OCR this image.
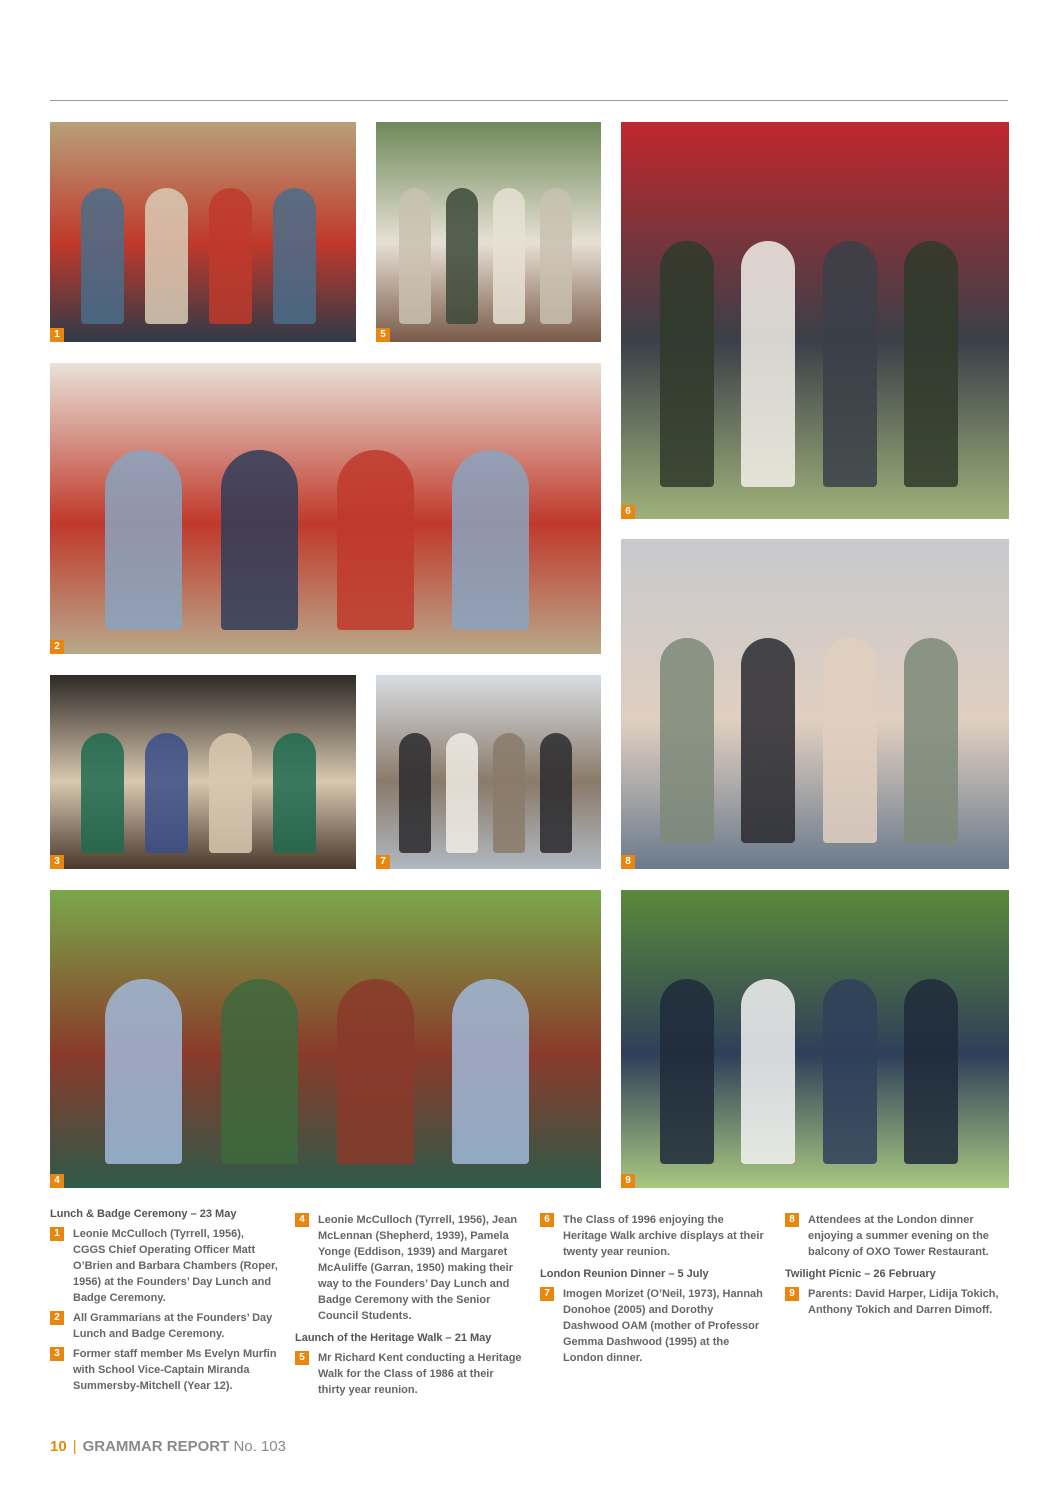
1	5
6
2
8
3	7
4	9
Lunch & Badge Ceremony – 23 May
1	Leonie McCulloch (Tyrrell, 1956), CGGS Chief Operating Officer Matt O’Brien and Barbara Chambers (Roper, 1956) at the Founders’ Day Lunch and Badge Ceremony.
2	All Grammarians at the Founders’ Day Lunch and Badge Ceremony.
3	Former staff member Ms Evelyn Murfin with School Vice-Captain Miranda Summersby-Mitchell (Year 12).
4	Leonie McCulloch (Tyrrell, 1956), Jean McLennan (Shepherd, 1939), Pamela Yonge (Eddison, 1939) and Margaret McAuliffe (Garran, 1950) making their way to the Founders’ Day Lunch and Badge Ceremony with the Senior Council Students.
Launch of the Heritage Walk – 21 May
5	Mr Richard Kent conducting a Heritage Walk for the Class of 1986 at their thirty year reunion.
6	The Class of 1996 enjoying the Heritage Walk archive displays at their twenty year reunion.
London Reunion Dinner – 5 July
7	Imogen Morizet (O’Neil, 1973), Hannah Donohoe (2005) and Dorothy Dashwood OAM (mother of Professor Gemma Dashwood (1995) at the London dinner.
8	Attendees at the London dinner enjoying a summer evening on the balcony of OXO Tower Restaurant.
Twilight Picnic – 26 February
9	Parents: David Harper, Lidija Tokich, Anthony Tokich and Darren Dimoff.
10 | GRAMMAR REPORT No. 103
